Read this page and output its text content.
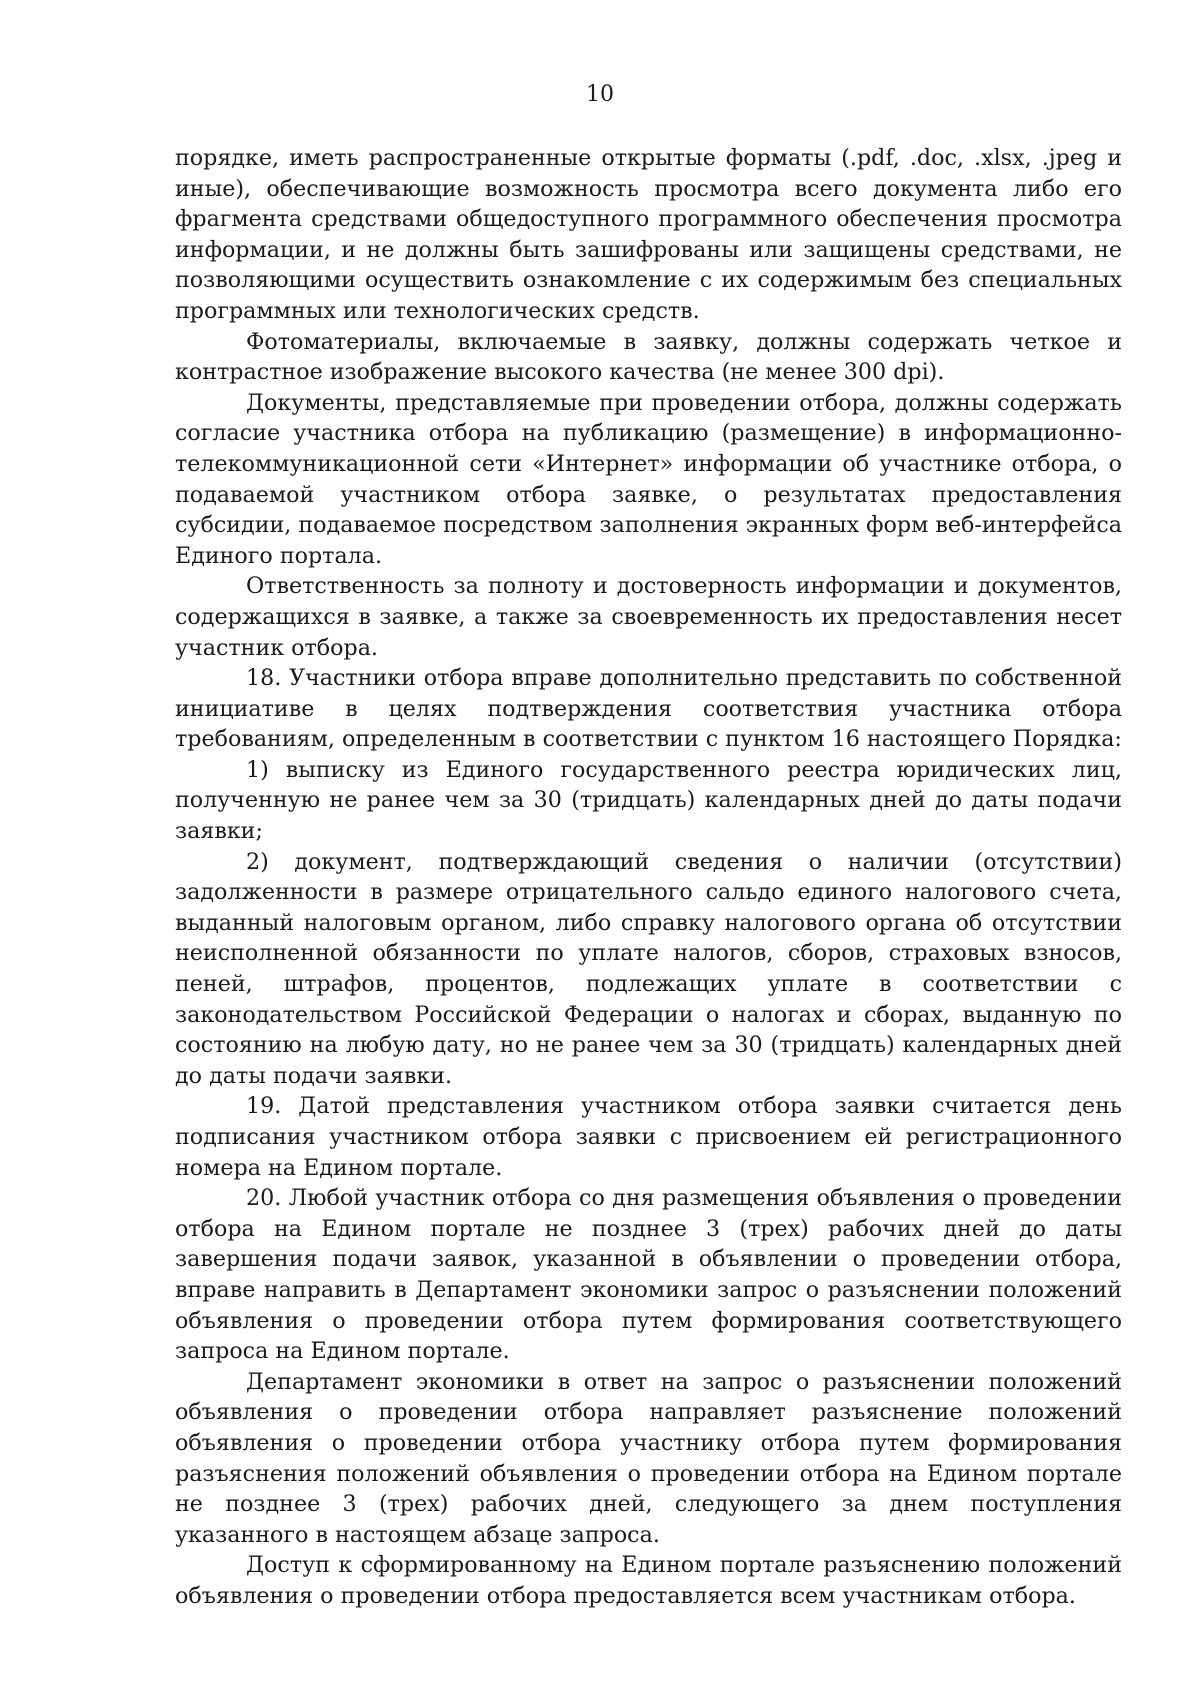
10

порядке, иметь распространенные открытые форматы (.pdf, .doc, .xlsx, .jpeg и иные), обеспечивающие возможность просмотра всего документа либо его фрагмента средствами общедоступного программного обеспечения просмотра информации, и не должны быть зашифрованы или защищены средствами, не позволяющими осуществить ознакомление с их содержимым без специальных программных или технологических средств.

Фотоматериалы, включаемые в заявку, должны содержать четкое и контрастное изображение высокого качества (не менее 300 dpi).

Документы, представляемые при проведении отбора, должны содержать согласие участника отбора на публикацию (размещение) в информационно-телекоммуникационной сети «Интернет» информации об участнике отбора, о подаваемой участником отбора заявке, о результатах предоставления субсидии, подаваемое посредством заполнения экранных форм веб-интерфейса Единого портала.

Ответственность за полноту и достоверность информации и документов, содержащихся в заявке, а также за своевременность их предоставления несет участник отбора.

18. Участники отбора вправе дополнительно представить по собственной инициативе в целях подтверждения соответствия участника отбора требованиям, определенным в соответствии с пунктом 16 настоящего Порядка:

1) выписку из Единого государственного реестра юридических лиц, полученную не ранее чем за 30 (тридцать) календарных дней до даты подачи заявки;

2) документ, подтверждающий сведения о наличии (отсутствии) задолженности в размере отрицательного сальдо единого налогового счета, выданный налоговым органом, либо справку налогового органа об отсутствии неисполненной обязанности по уплате налогов, сборов, страховых взносов, пеней, штрафов, процентов, подлежащих уплате в соответствии с законодательством Российской Федерации о налогах и сборах, выданную по состоянию на любую дату, но не ранее чем за 30 (тридцать) календарных дней до даты подачи заявки.

19. Датой представления участником отбора заявки считается день подписания участником отбора заявки с присвоением ей регистрационного номера на Едином портале.

20. Любой участник отбора со дня размещения объявления о проведении отбора на Едином портале не позднее 3 (трех) рабочих дней до даты завершения подачи заявок, указанной в объявлении о проведении отбора, вправе направить в Департамент экономики запрос о разъяснении положений объявления о проведении отбора путем формирования соответствующего запроса на Едином портале.

Департамент экономики в ответ на запрос о разъяснении положений объявления о проведении отбора направляет разъяснение положений объявления о проведении отбора участнику отбора путем формирования разъяснения положений объявления о проведении отбора на Едином портале не позднее 3 (трех) рабочих дней, следующего за днем поступления указанного в настоящем абзаце запроса.

Доступ к сформированному на Едином портале разъяснению положений объявления о проведении отбора предоставляется всем участникам отбора.
